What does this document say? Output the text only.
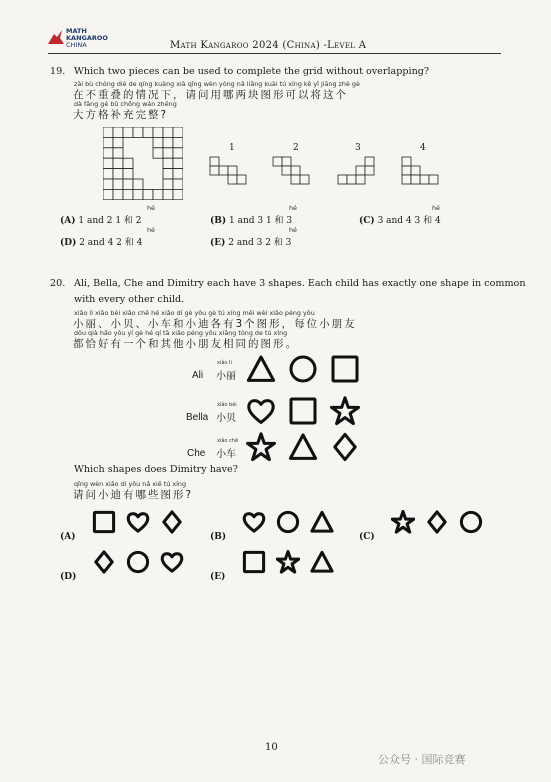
MATH
KANGAROO
CHINA	Math Kangaroo 2024 (China) -Level A
19. Which two pieces can be used to complete the grid without overlapping?
zài bù chóng dié de qíng kuàng xià qǐng wèn yòng nǎ liǎng kuài tú xíng kě yǐ jiāng zhè gè
在不重叠的情况下，请问用哪两块图形可以将这个
dà fāng gé bǔ chōng wán zhěng
大方格补充完整?
1	2	3	4
hé
(A) 1 and 2 1 和 2
hé
(B) 1 and 3 1 和 3
hé
(C) 3 and 4 3 和 4
hé
(D) 2 and 4 2 和 4
hé
(E) 2 and 3 2 和 3
20. Ali, Bella, Che and Dimitry each have 3 shapes. Each child has exactly one shape in common
with every other child.
xiǎo lì xiǎo bèi xiǎo chē hé xiǎo dí gè yǒu gè tú xíng měi wèi xiǎo péng yǒu
小丽、小贝、小车和小迪各有3个图形，每位小朋友
dōu qià hǎo yǒu yí gè hé qí tā xiǎo péng yǒu xiāng tóng de tú xíng
都恰好有一个和其他小朋友相同的图形。
Ali
xiǎo lì
小丽
Bella
xiǎo bèi
小贝
Che
xiǎo chē
小车
Which shapes does Dimitry have?
qǐng wèn xiǎo dí yǒu nǎ xiē tú xíng
请问小迪有哪些图形?
(A)	(B)	(C)
(D)	(E)
10
公众号 · 国际竞赛
